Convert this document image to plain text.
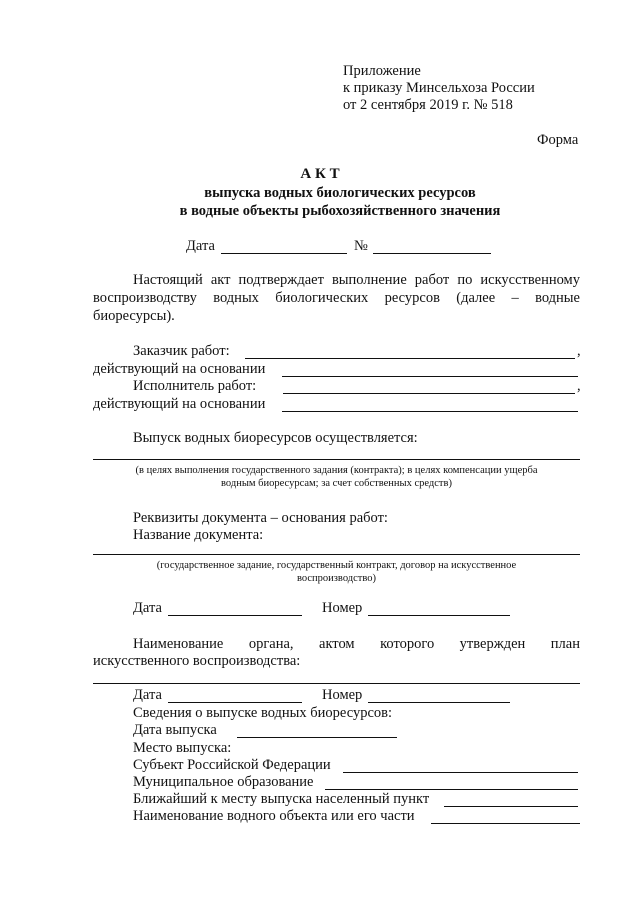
Приложение
к приказу Минсельхоза России
от 2 сентября 2019 г. № 518
Форма
А К Т
выпуска водных биологических ресурсов
в водные объекты рыбохозяйственного значения
Дата	№
Настоящий акт подтверждает выполнение работ по искусственному
воспроизводству водных биологических ресурсов (далее – водные
биоресурсы).
Заказчик работ:	,
действующий на основании
Исполнитель работ:	,
действующий на основании
Выпуск водных биоресурсов осуществляется:
(в целях выполнения государственного задания (контракта); в целях компенсации ущерба
водным биоресурсам; за счет собственных средств)
Реквизиты документа – основания работ:
Название документа:
(государственное задание, государственный контракт, договор на искусственное
воспроизводство)
Дата	Номер
Наименование органа, актом которого утвержден план
искусственного воспроизводства:
Дата	Номер
Сведения о выпуске водных биоресурсов:
Дата выпуска
Место выпуска:
Субъект Российской Федерации
Муниципальное образование
Ближайший к месту выпуска населенный пункт
Наименование водного объекта или его части
